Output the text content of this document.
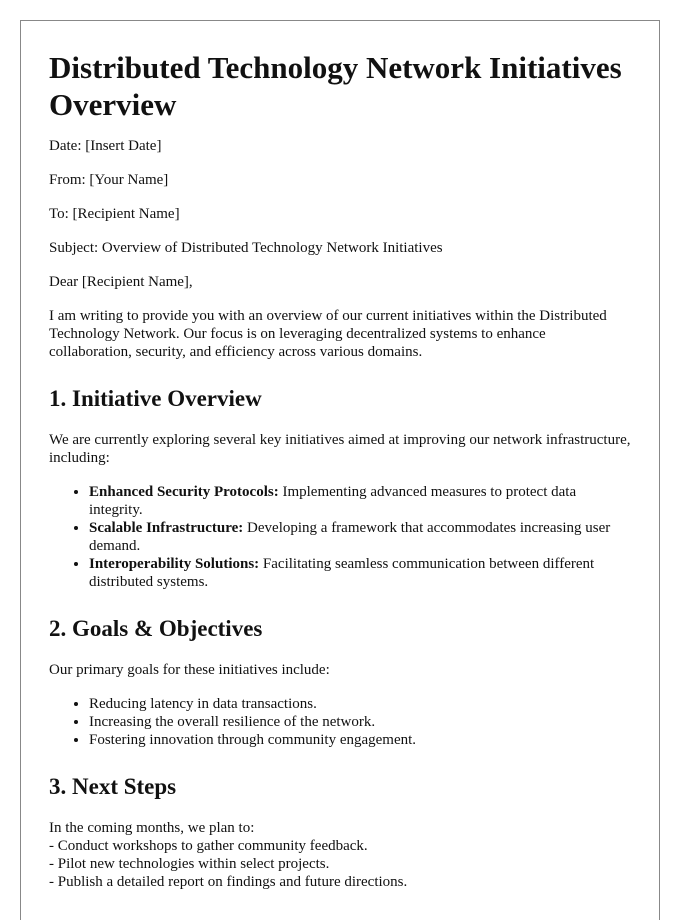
Distributed Technology Network Initiatives Overview

Date: [Insert Date]

From: [Your Name]

To: [Recipient Name]

Subject: Overview of Distributed Technology Network Initiatives

Dear [Recipient Name],

I am writing to provide you with an overview of our current initiatives within the Distributed Technology Network. Our focus is on leveraging decentralized systems to enhance collaboration, security, and efficiency across various domains.

1. Initiative Overview

We are currently exploring several key initiatives aimed at improving our network infrastructure, including:

• Enhanced Security Protocols: Implementing advanced measures to protect data integrity.
• Scalable Infrastructure: Developing a framework that accommodates increasing user demand.
• Interoperability Solutions: Facilitating seamless communication between different distributed systems.
2. Goals & Objectives

Our primary goals for these initiatives include:

• Reducing latency in data transactions.
• Increasing the overall resilience of the network.
• Fostering innovation through community engagement.
3. Next Steps

In the coming months, we plan to:

- Conduct workshops to gather community feedback.

- Pilot new technologies within select projects.

- Publish a detailed report on findings and future directions.
